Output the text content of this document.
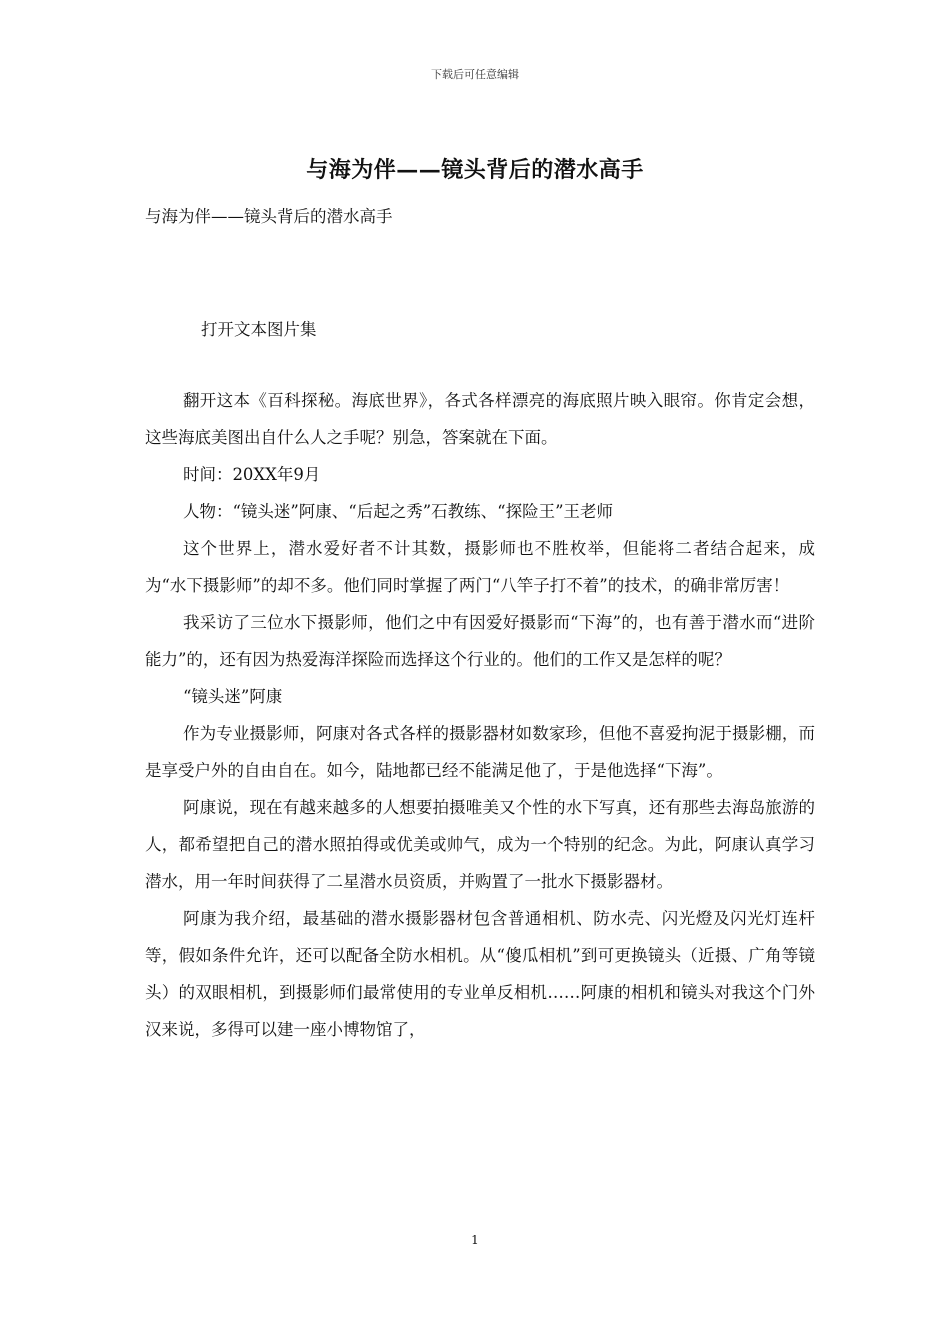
下载后可任意编辑
与海为伴——镜头背后的潜水高手
与海为伴——镜头背后的潜水高手
打开文本图片集

翻开这本《百科探秘。海底世界》，各式各样漂亮的海底照片映入眼帘。你肯定会想，这些海底美图出自什么人之手呢？别急，答案就在下面。

时间：20XX年9月

人物：“镜头迷”阿康、“后起之秀”石教练、“探险王”王老师

这个世界上，潜水爱好者不计其数，摄影师也不胜枚举，但能将二者结合起来，成为“水下摄影师”的却不多。他们同时掌握了两门“八竿子打不着”的技术，的确非常厉害！

我采访了三位水下摄影师，他们之中有因爱好摄影而“下海”的，也有善于潜水而“进阶能力”的，还有因为热爱海洋探险而选择这个行业的。他们的工作又是怎样的呢？

“镜头迷”阿康

作为专业摄影师，阿康对各式各样的摄影器材如数家珍，但他不喜爱拘泥于摄影棚，而是享受户外的自由自在。如今，陆地都已经不能满足他了，于是他选择“下海”。

阿康说，现在有越来越多的人想要拍摄唯美又个性的水下写真，还有那些去海岛旅游的人，都希望把自己的潜水照拍得或优美或帅气，成为一个特别的纪念。为此，阿康认真学习潜水，用一年时间获得了二星潜水员资质，并购置了一批水下摄影器材。

阿康为我介绍，最基础的潜水摄影器材包含普通相机、防水壳、闪光燈及闪光灯连杆等，假如条件允许，还可以配备全防水相机。从“傻瓜相机”到可更换镜头（近摄、广角等镜头）的双眼相机，到摄影师们最常使用的专业单反相机……阿康的相机和镜头对我这个门外汉来说，多得可以建一座小博物馆了，

1
